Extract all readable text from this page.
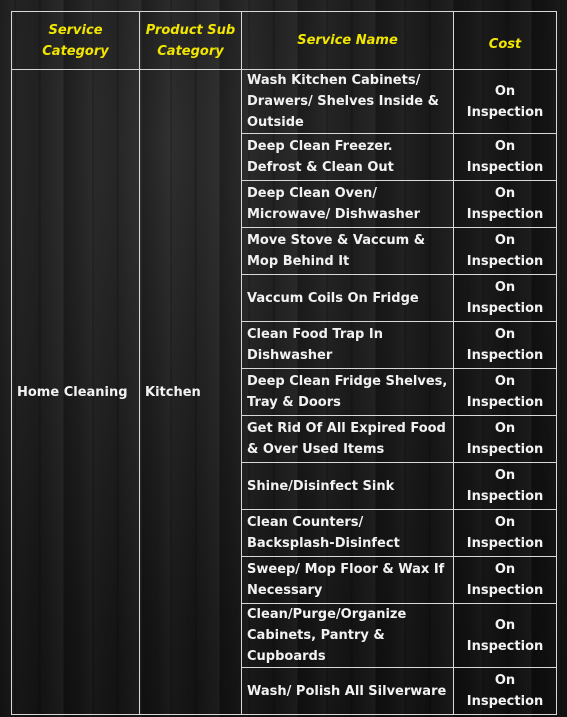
Service Category	Product Sub Category	Service Name	Cost

Home Cleaning	Kitchen	Wash Kitchen Cabinets/ Drawers/ Shelves Inside & Outside	On Inspection
		Deep Clean Freezer. Defrost & Clean Out	On Inspection
		Deep Clean Oven/ Microwave/ Dishwasher	On Inspection
		Move Stove & Vaccum & Mop Behind It	On Inspection
		Vaccum Coils On Fridge	On Inspection
		Clean Food Trap In Dishwasher	On Inspection
		Deep Clean Fridge Shelves, Tray & Doors	On Inspection
		Get Rid Of All Expired Food & Over Used Items	On Inspection
		Shine/Disinfect Sink	On Inspection
		Clean Counters/ Backsplash-Disinfect	On Inspection
		Sweep/ Mop Floor & Wax If Necessary	On Inspection
		Clean/Purge/Organize Cabinets, Pantry & Cupboards	On Inspection
		Wash/ Polish All Silverware	On Inspection
